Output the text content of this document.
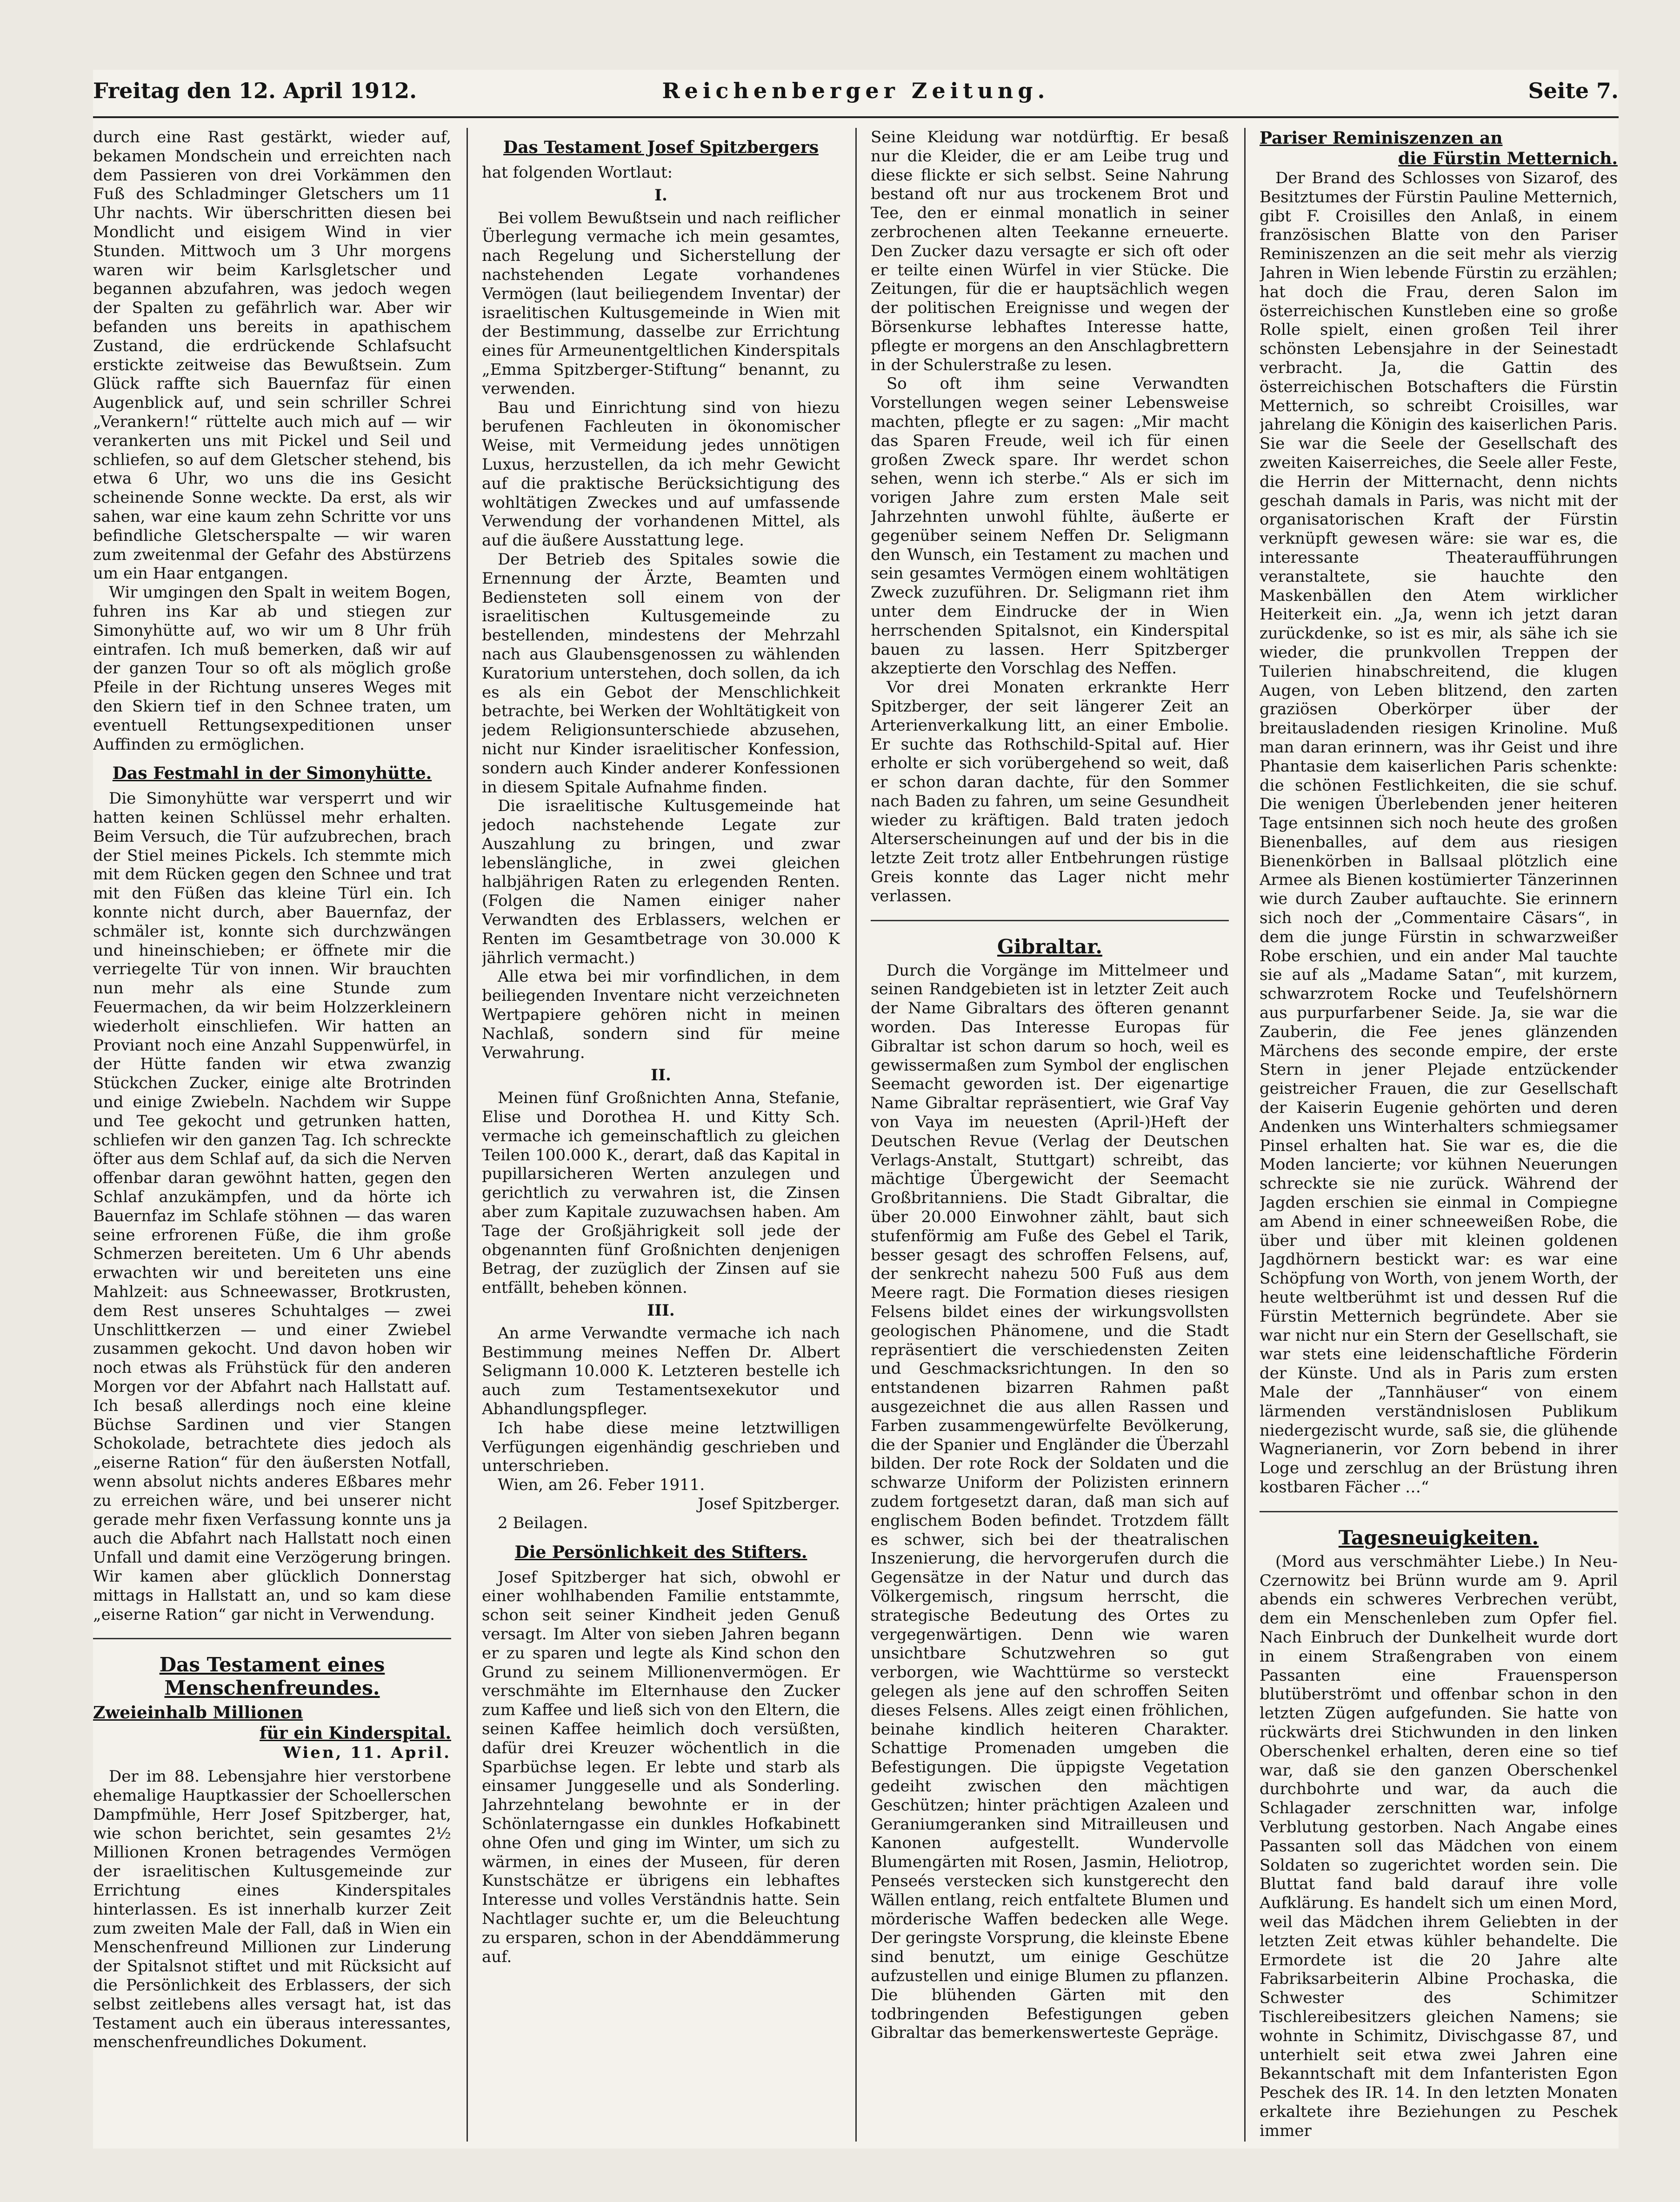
Freitag den 12. April 1912.	Reichenberger Zeitung.	Seite 7.

durch eine Rast gestärkt, wieder auf, bekamen Mondschein und erreichten nach dem Passieren von drei Vorkämmen den Fuß des Schladminger Gletschers um 11 Uhr nachts. Wir überschritten diesen bei Mondlicht und eisigem Wind in vier Stunden. Mittwoch um 3 Uhr morgens waren wir beim Karlsgletscher und begannen abzufahren, was jedoch wegen der Spalten zu gefährlich war. Aber wir befanden uns bereits in apathischem Zustand, die erdrückende Schlafsucht erstickte zeitweise das Bewußtsein. Zum Glück raffte sich Bauernfaz für einen Augenblick auf, und sein schriller Schrei „Verankern!“ rüttelte auch mich auf — wir verankerten uns mit Pickel und Seil und schliefen, so auf dem Gletscher stehend, bis etwa 6 Uhr, wo uns die ins Gesicht scheinende Sonne weckte. Da erst, als wir sahen, war eine kaum zehn Schritte vor uns befindliche Gletscherspalte — wir waren zum zweitenmal der Gefahr des Abstürzens um ein Haar entgangen.

Wir umgingen den Spalt in weitem Bogen, fuhren ins Kar ab und stiegen zur Simonyhütte auf, wo wir um 8 Uhr früh eintrafen. Ich muß bemerken, daß wir auf der ganzen Tour so oft als möglich große Pfeile in der Richtung unseres Weges mit den Skiern tief in den Schnee traten, um eventuell Rettungsexpeditionen unser Auffinden zu ermöglichen.

Das Festmahl in der Simonyhütte.

Die Simonyhütte war versperrt und wir hatten keinen Schlüssel mehr erhalten. Beim Versuch, die Tür aufzubrechen, brach der Stiel meines Pickels. Ich stemmte mich mit dem Rücken gegen den Schnee und trat mit den Füßen das kleine Türl ein. Ich konnte nicht durch, aber Bauernfaz, der schmäler ist, konnte sich durchzwängen und hineinschieben; er öffnete mir die verriegelte Tür von innen. Wir brauchten nun mehr als eine Stunde zum Feuermachen, da wir beim Holzzerkleinern wiederholt einschliefen. Wir hatten an Proviant noch eine Anzahl Suppenwürfel, in der Hütte fanden wir etwa zwanzig Stückchen Zucker, einige alte Brotrinden und einige Zwiebeln. Nachdem wir Suppe und Tee gekocht und getrunken hatten, schliefen wir den ganzen Tag. Ich schreckte öfter aus dem Schlaf auf, da sich die Nerven offenbar daran gewöhnt hatten, gegen den Schlaf anzukämpfen, und da hörte ich Bauernfaz im Schlafe stöhnen — das waren seine erfrorenen Füße, die ihm große Schmerzen bereiteten. Um 6 Uhr abends erwachten wir und bereiteten uns eine Mahlzeit: aus Schneewasser, Brotkrusten, dem Rest unseres Schuhtalges — zwei Unschlittkerzen — und einer Zwiebel zusammen gekocht. Und davon hoben wir noch etwas als Frühstück für den anderen Morgen vor der Abfahrt nach Hallstatt auf. Ich besaß allerdings noch eine kleine Büchse Sardinen und vier Stangen Schokolade, betrachtete dies jedoch als „eiserne Ration“ für den äußersten Notfall, wenn absolut nichts anderes Eßbares mehr zu erreichen wäre, und bei unserer nicht gerade mehr fixen Verfassung konnte uns ja auch die Abfahrt nach Hallstatt noch einen Unfall und damit eine Verzögerung bringen. Wir kamen aber glücklich Donnerstag mittags in Hallstatt an, und so kam diese „eiserne Ration“ gar nicht in Verwendung.

Das Testament eines Menschenfreundes.

Zweieinhalb Millionen

für ein Kinderspital.

Wien, 11. April.

Der im 88. Lebensjahre hier verstorbene ehemalige Hauptkassier der Schoellerschen Dampfmühle, Herr Josef Spitzberger, hat, wie schon berichtet, sein gesamtes 2½ Millionen Kronen betragendes Vermögen der israelitischen Kultusgemeinde zur Errichtung eines Kinderspitales hinterlassen. Es ist innerhalb kurzer Zeit zum zweiten Male der Fall, daß in Wien ein Menschenfreund Millionen zur Linderung der Spitalsnot stiftet und mit Rücksicht auf die Persönlichkeit des Erblassers, der sich selbst zeitlebens alles versagt hat, ist das Testament auch ein überaus interessantes, menschenfreundliches Dokument.

Das Testament Josef Spitzbergers

hat folgenden Wortlaut:

I.

Bei vollem Bewußtsein und nach reiflicher Überlegung vermache ich mein gesamtes, nach Regelung und Sicherstellung der nachstehenden Legate vorhandenes Vermögen (laut beiliegendem Inventar) der israelitischen Kultusgemeinde in Wien mit der Bestimmung, dasselbe zur Errichtung eines für Armeunentgeltlichen Kinderspitals „Emma Spitzberger-Stiftung“ benannt, zu verwenden.

Bau und Einrichtung sind von hiezu berufenen Fachleuten in ökonomischer Weise, mit Vermeidung jedes unnötigen Luxus, herzustellen, da ich mehr Gewicht auf die praktische Berücksichtigung des wohltätigen Zweckes und auf umfassende Verwendung der vorhandenen Mittel, als auf die äußere Ausstattung lege.

Der Betrieb des Spitales sowie die Ernennung der Ärzte, Beamten und Bediensteten soll einem von der israelitischen Kultusgemeinde zu bestellenden, mindestens der Mehrzahl nach aus Glaubensgenossen zu wählenden Kuratorium unterstehen, doch sollen, da ich es als ein Gebot der Menschlichkeit betrachte, bei Werken der Wohltätigkeit von jedem Religionsunterschiede abzusehen, nicht nur Kinder israelitischer Konfession, sondern auch Kinder anderer Konfessionen in diesem Spitale Aufnahme finden.

Die israelitische Kultusgemeinde hat jedoch nachstehende Legate zur Auszahlung zu bringen, und zwar lebenslängliche, in zwei gleichen halbjährigen Raten zu erlegenden Renten. (Folgen die Namen einiger naher Verwandten des Erblassers, welchen er Renten im Gesamtbetrage von 30.000 K jährlich vermacht.)

Alle etwa bei mir vorfindlichen, in dem beiliegenden Inventare nicht verzeichneten Wertpapiere gehören nicht in meinen Nachlaß, sondern sind für meine Verwahrung.

II.

Meinen fünf Großnichten Anna, Stefanie, Elise und Dorothea H. und Kitty Sch. vermache ich gemeinschaftlich zu gleichen Teilen 100.000 K., derart, daß das Kapital in pupillarsicheren Werten anzulegen und gerichtlich zu verwahren ist, die Zinsen aber zum Kapitale zuzuwachsen haben. Am Tage der Großjährigkeit soll jede der obgenannten fünf Großnichten denjenigen Betrag, der zuzüglich der Zinsen auf sie entfällt, beheben können.

III.

An arme Verwandte vermache ich nach Bestimmung meines Neffen Dr. Albert Seligmann 10.000 K. Letzteren bestelle ich auch zum Testamentsexekutor und Abhandlungspfleger.

Ich habe diese meine letztwilligen Verfügungen eigenhändig geschrieben und unterschrieben.

Wien, am 26. Feber 1911.

Josef Spitzberger.

2 Beilagen.

Die Persönlichkeit des Stifters.

Josef Spitzberger hat sich, obwohl er einer wohlhabenden Familie entstammte, schon seit seiner Kindheit jeden Genuß versagt. Im Alter von sieben Jahren begann er zu sparen und legte als Kind schon den Grund zu seinem Millionenvermögen. Er verschmähte im Elternhause den Zucker zum Kaffee und ließ sich von den Eltern, die seinen Kaffee heimlich doch versüßten, dafür drei Kreuzer wöchentlich in die Sparbüchse legen. Er lebte und starb als einsamer Junggeselle und als Sonderling. Jahrzehntelang bewohnte er in der Schönlaterngasse ein dunkles Hofkabinett ohne Ofen und ging im Winter, um sich zu wärmen, in eines der Museen, für deren Kunstschätze er übrigens ein lebhaftes Interesse und volles Verständnis hatte. Sein Nachtlager suchte er, um die Beleuchtung zu ersparen, schon in der Abenddämmerung auf.

Seine Kleidung war notdürftig. Er besaß nur die Kleider, die er am Leibe trug und diese flickte er sich selbst. Seine Nahrung bestand oft nur aus trockenem Brot und Tee, den er einmal monatlich in seiner zerbrochenen alten Teekanne erneuerte. Den Zucker dazu versagte er sich oft oder er teilte einen Würfel in vier Stücke. Die Zeitungen, für die er hauptsächlich wegen der politischen Ereignisse und wegen der Börsenkurse lebhaftes Interesse hatte, pflegte er morgens an den Anschlagbrettern in der Schulerstraße zu lesen.

So oft ihm seine Verwandten Vorstellungen wegen seiner Lebensweise machten, pflegte er zu sagen: „Mir macht das Sparen Freude, weil ich für einen großen Zweck spare. Ihr werdet schon sehen, wenn ich sterbe.“ Als er sich im vorigen Jahre zum ersten Male seit Jahrzehnten unwohl fühlte, äußerte er gegenüber seinem Neffen Dr. Seligmann den Wunsch, ein Testament zu machen und sein gesamtes Vermögen einem wohltätigen Zweck zuzuführen. Dr. Seligmann riet ihm unter dem Eindrucke der in Wien herrschenden Spitalsnot, ein Kinderspital bauen zu lassen. Herr Spitzberger akzeptierte den Vorschlag des Neffen.

Vor drei Monaten erkrankte Herr Spitzberger, der seit längerer Zeit an Arterienverkalkung litt, an einer Embolie. Er suchte das Rothschild-Spital auf. Hier erholte er sich vorübergehend so weit, daß er schon daran dachte, für den Sommer nach Baden zu fahren, um seine Gesundheit wieder zu kräftigen. Bald traten jedoch Alterserscheinungen auf und der bis in die letzte Zeit trotz aller Entbehrungen rüstige Greis konnte das Lager nicht mehr verlassen.

Gibraltar.

Durch die Vorgänge im Mittelmeer und seinen Randgebieten ist in letzter Zeit auch der Name Gibraltars des öfteren genannt worden. Das Interesse Europas für Gibraltar ist schon darum so hoch, weil es gewissermaßen zum Symbol der englischen Seemacht geworden ist. Der eigenartige Name Gibraltar repräsentiert, wie Graf Vay von Vaya im neuesten (April-)Heft der Deutschen Revue (Verlag der Deutschen Verlags-Anstalt, Stuttgart) schreibt, das mächtige Übergewicht der Seemacht Großbritanniens. Die Stadt Gibraltar, die über 20.000 Einwohner zählt, baut sich stufenförmig am Fuße des Gebel el Tarik, besser gesagt des schroffen Felsens, auf, der senkrecht nahezu 500 Fuß aus dem Meere ragt. Die Formation dieses riesigen Felsens bildet eines der wirkungsvollsten geologischen Phänomene, und die Stadt repräsentiert die verschiedensten Zeiten und Geschmacksrichtungen. In den so entstandenen bizarren Rahmen paßt ausgezeichnet die aus allen Rassen und Farben zusammengewürfelte Bevölkerung, die der Spanier und Engländer die Überzahl bilden. Der rote Rock der Soldaten und die schwarze Uniform der Polizisten erinnern zudem fortgesetzt daran, daß man sich auf englischem Boden befindet. Trotzdem fällt es schwer, sich bei der theatralischen Inszenierung, die hervorgerufen durch die Gegensätze in der Natur und durch das Völkergemisch, ringsum herrscht, die strategische Bedeutung des Ortes zu vergegenwärtigen. Denn wie waren unsichtbare Schutzwehren so gut verborgen, wie Wachttürme so versteckt gelegen als jene auf den schroffen Seiten dieses Felsens. Alles zeigt einen fröhlichen, beinahe kindlich heiteren Charakter. Schattige Promenaden umgeben die Befestigungen. Die üppigste Vegetation gedeiht zwischen den mächtigen Geschützen; hinter prächtigen Azaleen und Geraniumgeranken sind Mitrailleusen und Kanonen aufgestellt. Wundervolle Blumengärten mit Rosen, Jasmin, Heliotrop, Penseés verstecken sich kunstgerecht den Wällen entlang, reich entfaltete Blumen und mörderische Waffen bedecken alle Wege. Der geringste Vorsprung, die kleinste Ebene sind benutzt, um einige Geschütze aufzustellen und einige Blumen zu pflanzen. Die blühenden Gärten mit den todbringenden Befestigungen geben Gibraltar das bemerkenswerteste Gepräge.

Pariser Reminiszenzen an

die Fürstin Metternich.

Der Brand des Schlosses von Sizarof, des Besitztumes der Fürstin Pauline Metternich, gibt F. Croisilles den Anlaß, in einem französischen Blatte von den Pariser Reminiszenzen an die seit mehr als vierzig Jahren in Wien lebende Fürstin zu erzählen; hat doch die Frau, deren Salon im österreichischen Kunstleben eine so große Rolle spielt, einen großen Teil ihrer schönsten Lebensjahre in der Seinestadt verbracht. Ja, die Gattin des österreichischen Botschafters die Fürstin Metternich, so schreibt Croisilles, war jahrelang die Königin des kaiserlichen Paris. Sie war die Seele der Gesellschaft des zweiten Kaiserreiches, die Seele aller Feste, die Herrin der Mitternacht, denn nichts geschah damals in Paris, was nicht mit der organisatorischen Kraft der Fürstin verknüpft gewesen wäre: sie war es, die interessante Theateraufführungen veranstaltete, sie hauchte den Maskenbällen den Atem wirklicher Heiterkeit ein. „Ja, wenn ich jetzt daran zurückdenke, so ist es mir, als sähe ich sie wieder, die prunkvollen Treppen der Tuilerien hinabschreitend, die klugen Augen, von Leben blitzend, den zarten graziösen Oberkörper über der breitausladenden riesigen Krinoline. Muß man daran erinnern, was ihr Geist und ihre Phantasie dem kaiserlichen Paris schenkte: die schönen Festlichkeiten, die sie schuf. Die wenigen Überlebenden jener heiteren Tage entsinnen sich noch heute des großen Bienenballes, auf dem aus riesigen Bienenkörben in Ballsaal plötzlich eine Armee als Bienen kostümierter Tänzerinnen wie durch Zauber auftauchte. Sie erinnern sich noch der „Commentaire Cäsars“, in dem die junge Fürstin in schwarzweißer Robe erschien, und ein ander Mal tauchte sie auf als „Madame Satan“, mit kurzem, schwarzrotem Rocke und Teufelshörnern aus purpurfarbener Seide. Ja, sie war die Zauberin, die Fee jenes glänzenden Märchens des seconde empire, der erste Stern in jener Plejade entzückender geistreicher Frauen, die zur Gesellschaft der Kaiserin Eugenie gehörten und deren Andenken uns Winterhalters schmiegsamer Pinsel erhalten hat. Sie war es, die die Moden lancierte; vor kühnen Neuerungen schreckte sie nie zurück. Während der Jagden erschien sie einmal in Compiegne am Abend in einer schneeweißen Robe, die über und über mit kleinen goldenen Jagdhörnern bestickt war: es war eine Schöpfung von Worth, von jenem Worth, der heute weltberühmt ist und dessen Ruf die Fürstin Metternich begründete. Aber sie war nicht nur ein Stern der Gesellschaft, sie war stets eine leidenschaftliche Förderin der Künste. Und als in Paris zum ersten Male der „Tannhäuser“ von einem lärmenden verständnislosen Publikum niedergezischt wurde, saß sie, die glühende Wagnerianerin, vor Zorn bebend in ihrer Loge und zerschlug an der Brüstung ihren kostbaren Fächer …“

Tagesneuigkeiten.

(Mord aus verschmähter Liebe.) In Neu-Czernowitz bei Brünn wurde am 9. April abends ein schweres Verbrechen verübt, dem ein Menschenleben zum Opfer fiel. Nach Einbruch der Dunkelheit wurde dort in einem Straßengraben von einem Passanten eine Frauensperson blutüberströmt und offenbar schon in den letzten Zügen aufgefunden. Sie hatte von rückwärts drei Stichwunden in den linken Oberschenkel erhalten, deren eine so tief war, daß sie den ganzen Oberschenkel durchbohrte und war, da auch die Schlagader zerschnitten war, infolge Verblutung gestorben. Nach Angabe eines Passanten soll das Mädchen von einem Soldaten so zugerichtet worden sein. Die Bluttat fand bald darauf ihre volle Aufklärung. Es handelt sich um einen Mord, weil das Mädchen ihrem Geliebten in der letzten Zeit etwas kühler behandelte. Die Ermordete ist die 20 Jahre alte Fabriksarbeiterin Albine Prochaska, die Schwester des Schimitzer Tischlereibesitzers gleichen Namens; sie wohnte in Schimitz, Divischgasse 87, und unterhielt seit etwa zwei Jahren eine Bekanntschaft mit dem Infanteristen Egon Peschek des IR. 14. In den letzten Monaten erkaltete ihre Beziehungen zu Peschek immer
